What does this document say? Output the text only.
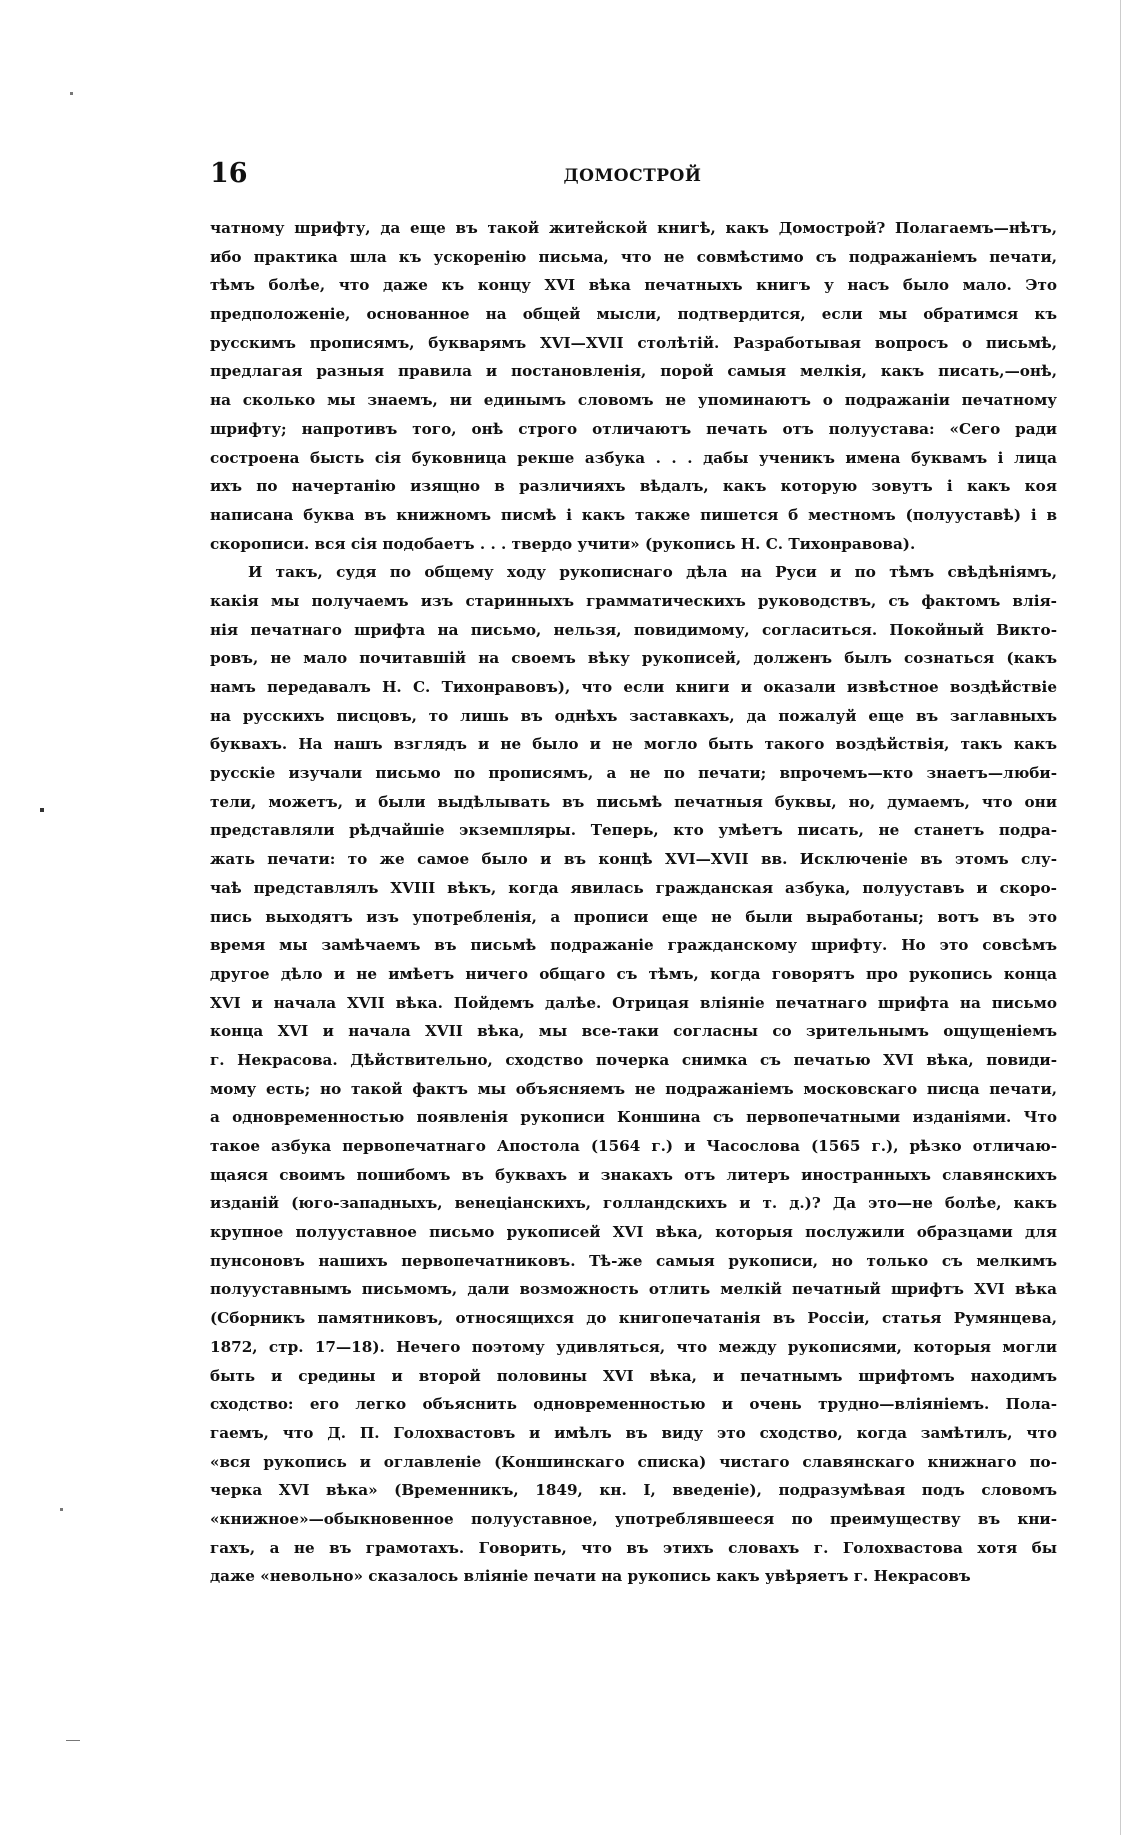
16	ДОМОСТРОЙ
чатному шрифту, да еще въ такой житейской книгѣ, какъ Домострой? Полагаемъ—нѣтъ,
ибо практика шла къ ускоренію письма, что не совмѣстимо съ подражаніемъ печати,
тѣмъ болѣе, что даже къ концу XVI вѣка печатныхъ книгъ у насъ было мало. Это
предположеніе, основанное на общей мысли, подтвердится, если мы обратимся къ
русскимъ прописямъ, букварямъ XVI—XVII столѣтій. Разработывая вопросъ о письмѣ,
предлагая разныя правила и постановленія, порой самыя мелкія, какъ писать,—онѣ,
на сколько мы знаемъ, ни единымъ словомъ не упоминаютъ о подражаніи печатному
шрифту; напротивъ того, онѣ строго отличаютъ печать отъ полуустава: «Сего ради
состроена бысть сія буковница рекше азбука . . . дабы учениκъ имена буквамъ і лица
ихъ по начертанію изящно в различияхъ вѣдалъ, какъ которую зовутъ і какъ коя
написана буква въ книжномъ писмѣ і какъ также пишется б местномъ (полууставѣ) і в
скорописи. вся сія подобаетъ . . . твердо учити» (рукопись Н. С. Тихонравова).
И такъ, судя по общему ходу рукописнаго дѣла на Руси и по тѣмъ свѣдѣніямъ,
какія мы получаемъ изъ старинныхъ грамматическихъ руководствъ, съ фактомъ влія-
нія печатнаго шрифта на письмо, нельзя, повидимому, согласиться. Покойный Викто-
ровъ, не мало почитавшій на своемъ вѣку рукописей, долженъ былъ сознаться (какъ
намъ передавалъ Н. С. Тихонравовъ), что если книги и оказали извѣстное воздѣйствіе
на русскихъ писцовъ, то лишь въ однѣхъ заставкахъ, да пожалуй еще въ заглавныхъ
буквахъ. На нашъ взглядъ и не было и не могло быть такого воздѣйствія, такъ какъ
русскіе изучали письмо по прописямъ, а не по печати; впрочемъ—кто знаетъ—люби-
тели, можетъ, и были выдѣлывать въ письмѣ печатныя буквы, но, думаемъ, что они
представляли рѣдчайшіе экземпляры. Теперь, кто умѣетъ писать, не станетъ подра-
жать печати: то же самое было и въ концѣ XVI—XVII вв. Исключеніе въ этомъ слу-
чаѣ представлялъ XVIII вѣкъ, когда явилась гражданская азбука, полууставъ и скоро-
пись выходятъ изъ употребленія, а прописи еще не были выработаны; вотъ въ это
время мы замѣчаемъ въ письмѣ подражаніе гражданскому шрифту. Но это совсѣмъ
другое дѣло и не имѣетъ ничего общаго съ тѣмъ, когда говорятъ про рукопись конца
XVI и начала XVII вѣка. Пойдемъ далѣе. Отрицая вліяніе печатнаго шрифта на письмо
конца XVI и начала XVII вѣка, мы все-таки согласны со зрительнымъ ощущеніемъ
г. Некрасова. Дѣйствительно, сходство почерка снимка съ печатью XVI вѣка, повиди-
мому есть; но такой фактъ мы объясняемъ не подражаніемъ московскаго писца печати,
а одновременностью появленія рукописи Коншина съ первопечатными изданіями. Что
такое азбука первопечатнаго Апостола (1564 г.) и Часослова (1565 г.), рѣзко отличаю-
щаяся своимъ пошибомъ въ буквахъ и знакахъ отъ литеръ иностранныхъ славянскихъ
изданій (юго-западныхъ, венеціанскихъ, голландскихъ и т. д.)? Да это—не болѣе, какъ
крупное полууставное письмо рукописей XVI вѣка, которыя послужили образцами для
пунсоновъ нашихъ первопечатниковъ. Тѣ-же самыя рукописи, но только съ мелкимъ
полууставнымъ письмомъ, дали возможность отлить мелкій печатный шрифтъ XVI вѣка
(Сборникъ памятниковъ, относящихся до книгопечатанія въ Россіи, статья Румянцева,
1872, стр. 17—18). Нечего поэтому удивляться, что между рукописями, которыя могли
быть и средины и второй половины XVI вѣка, и печатнымъ шрифтомъ находимъ
сходство: его легко объяснить одновременностью и очень трудно—вліяніемъ. Пола-
гаемъ, что Д. П. Голохвастовъ и имѣлъ въ виду это сходство, когда замѣтилъ, что
«вся рукопись и оглавленіе (Коншинскаго списка) чистаго славянскаго книжнаго по-
черка XVI вѣка» (Временникъ, 1849, кн. I, введеніе), подразумѣвая подъ словомъ
«книжное»—обыкновенное полууставное, употреблявшееся по преимуществу въ кни-
гахъ, а не въ грамотахъ. Говорить, что въ этихъ словахъ г. Голохвастова хотя бы
даже «невольно» сказалось вліяніе печати на рукопись какъ увѣряетъ г. Некрасовъ
